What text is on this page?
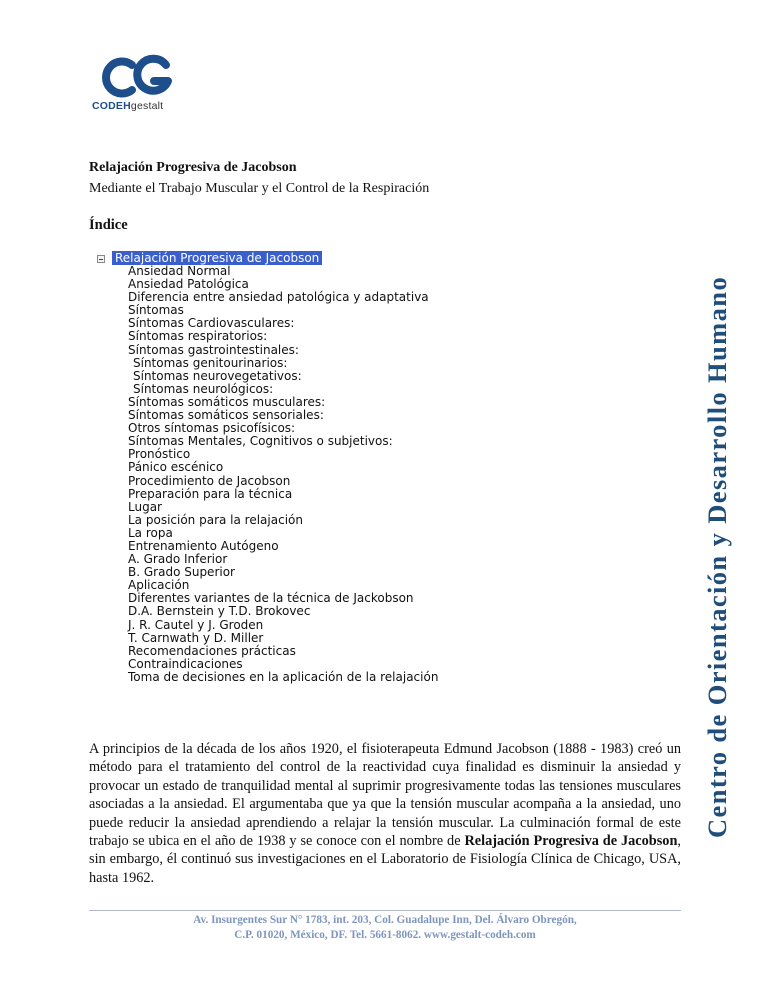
CODEHgestalt
Relajación Progresiva de Jacobson
Mediante el Trabajo Muscular y el Control de la Respiración
Índice
Relajación Progresiva de Jacobson
Ansiedad Normal
Ansiedad Patológica
Diferencia entre ansiedad patológica y adaptativa
Síntomas
Síntomas Cardiovasculares:
Síntomas respiratorios:
Síntomas gastrointestinales:
Síntomas genitourinarios:
Síntomas neurovegetativos:
Síntomas neurológicos:
Síntomas somáticos musculares:
Síntomas somáticos sensoriales:
Otros síntomas psicofísicos:
Síntomas Mentales, Cognitivos o subjetivos:
Pronóstico
Pánico escénico
Procedimiento de Jacobson
Preparación para la técnica
Lugar
La posición para la relajación
La ropa
Entrenamiento Autógeno
A. Grado Inferior
B. Grado Superior
Aplicación
Diferentes variantes de la técnica de Jackobson
D.A. Bernstein y T.D. Brokovec
J. R. Cautel y J. Groden
T. Carnwath y D. Miller
Recomendaciones prácticas
Contraindicaciones
Toma de decisiones en la aplicación de la relajación

A principios de la década de los años 1920, el fisioterapeuta Edmund Jacobson (1888 - 1983) creó un método para el tratamiento del control de la reactividad cuya finalidad es disminuir la ansiedad y provocar un estado de tranquilidad mental al suprimir progresivamente todas las tensiones musculares asociadas a la ansiedad. El argumentaba que ya que la tensión muscular acompaña a la ansiedad, uno puede reducir la ansiedad aprendiendo a relajar la tensión muscular. La culminación formal de este trabajo se ubica en el año de 1938 y se conoce con el nombre de Relajación Progresiva de Jacobson, sin embargo, él continuó sus investigaciones en el Laboratorio de Fisiología Clínica de Chicago, USA, hasta 1962.

Av. Insurgentes Sur N° 1783, int. 203, Col. Guadalupe Inn, Del. Álvaro Obregón,
C.P. 01020, México, DF. Tel. 5661-8062. www.gestalt-codeh.com
Centro de Orientación y Desarrollo Humano
